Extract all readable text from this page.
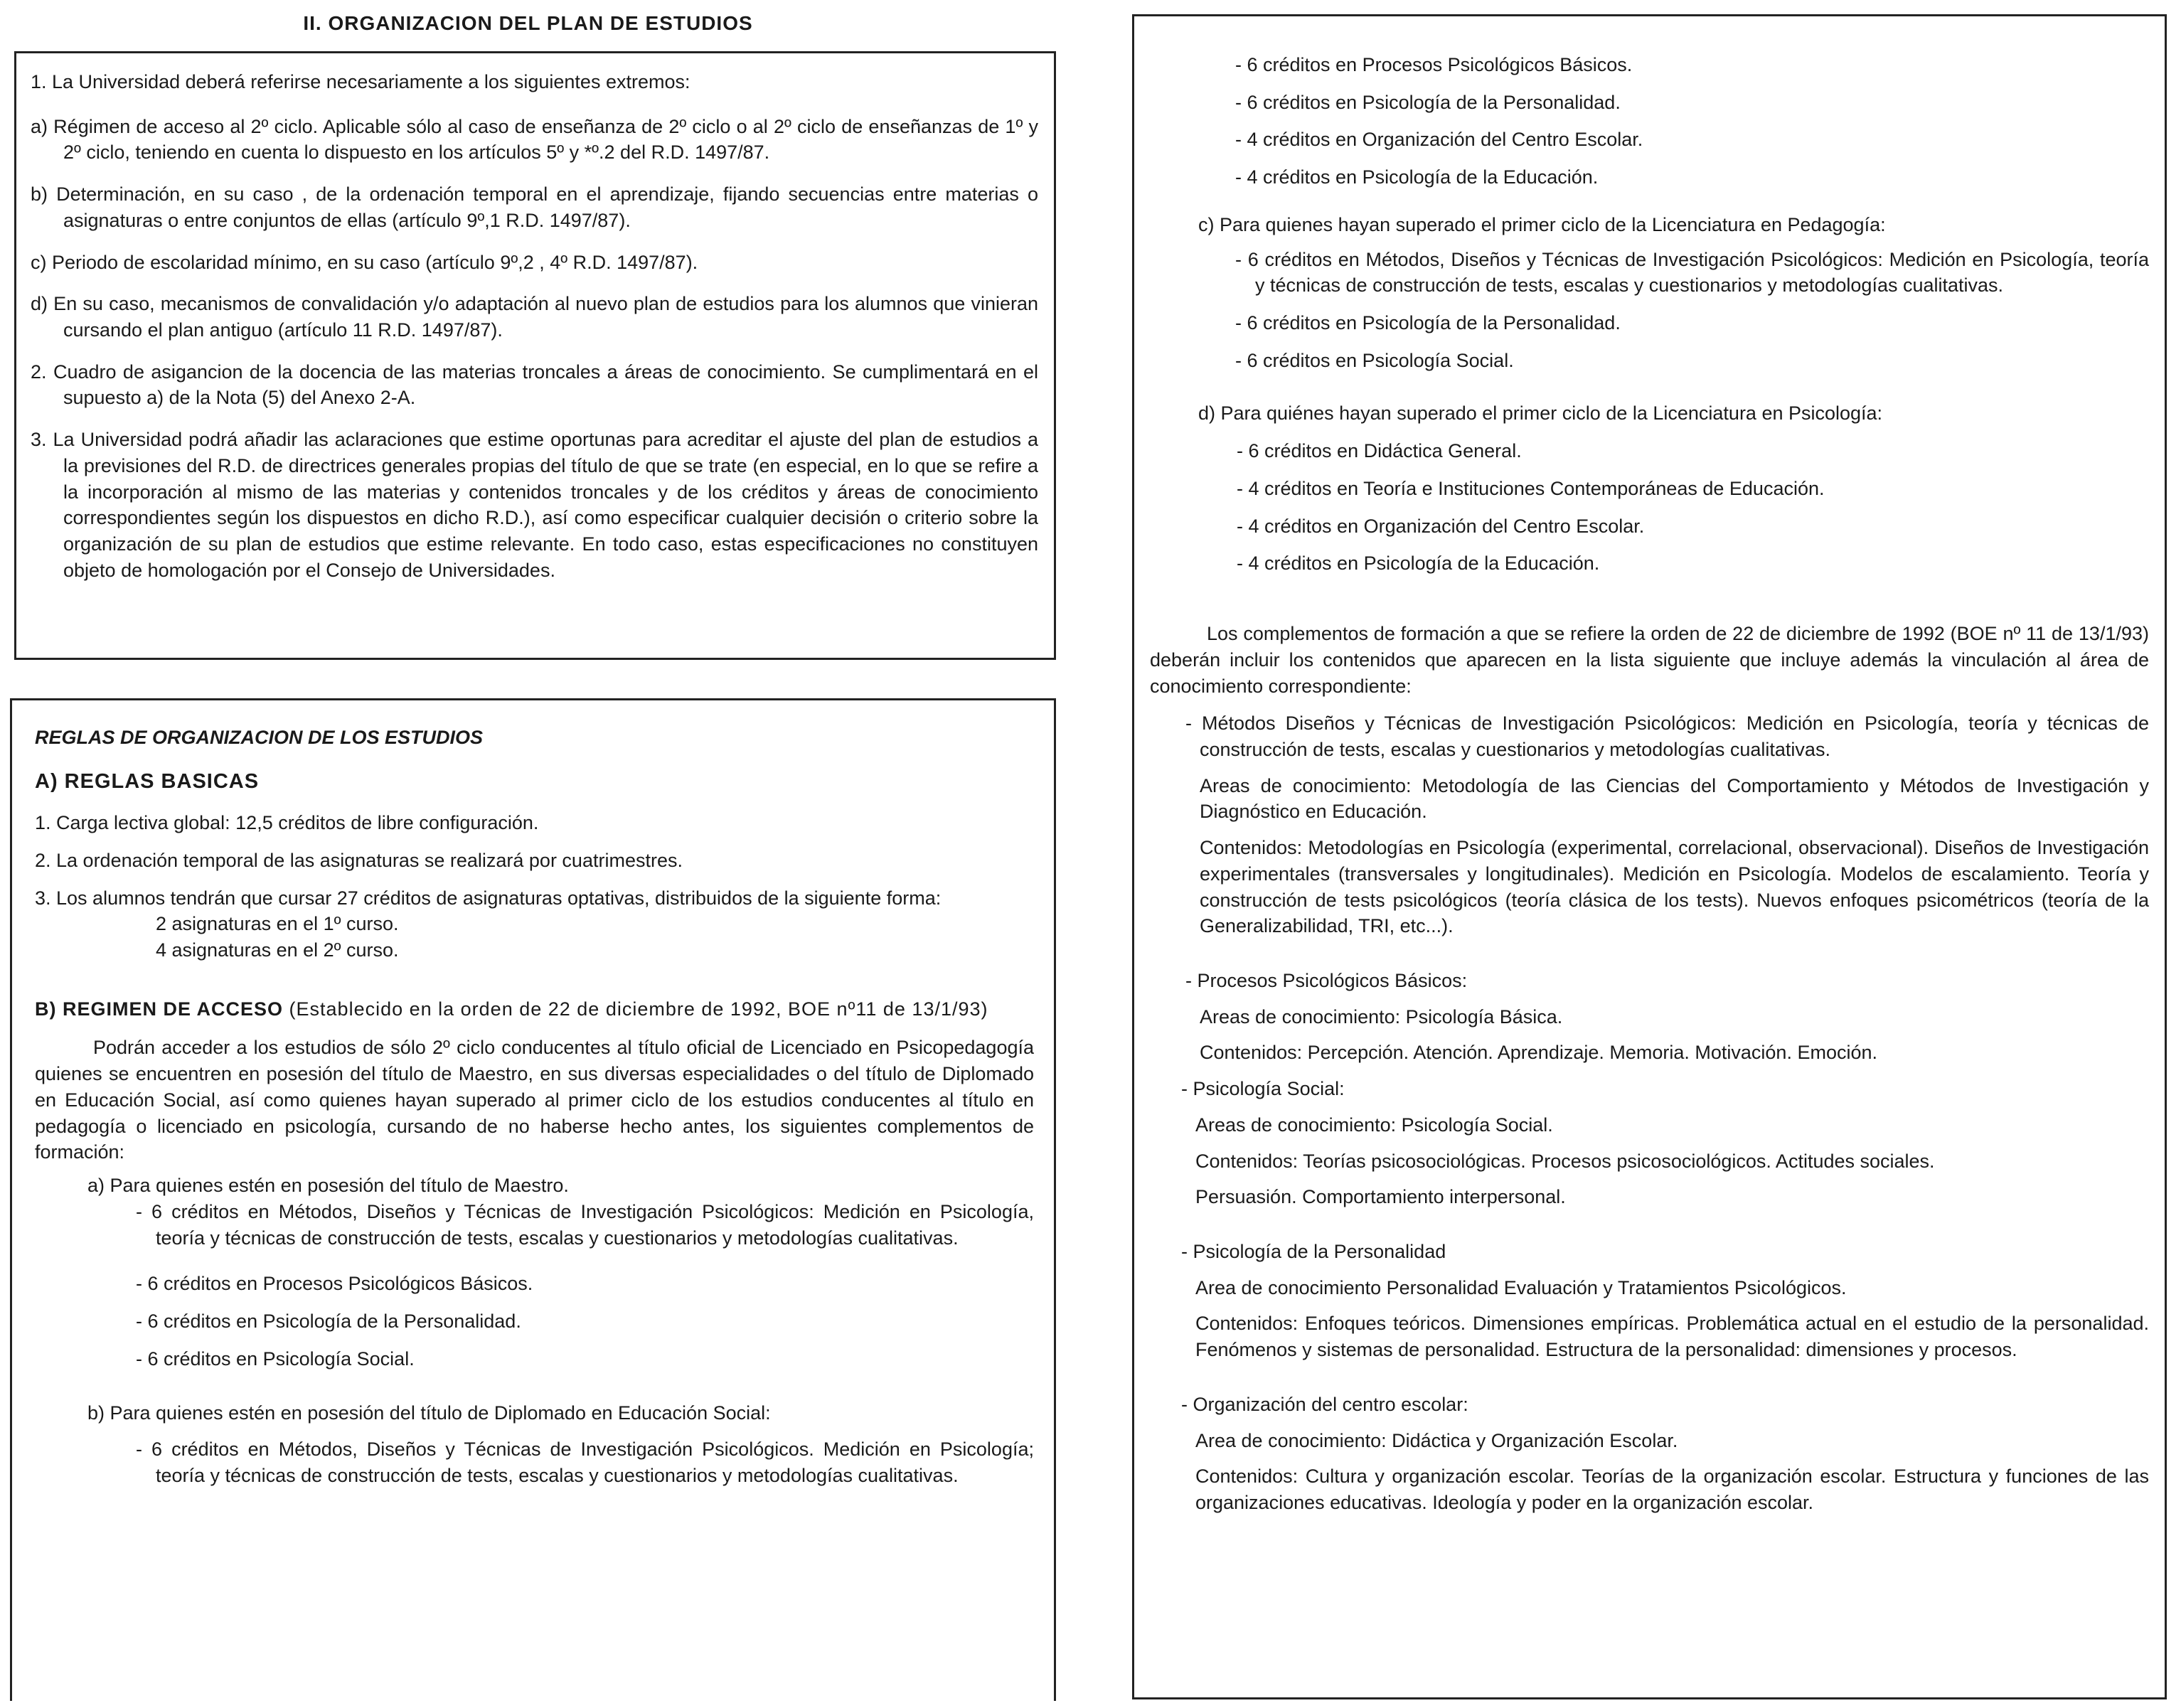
II. ORGANIZACION DEL PLAN DE ESTUDIOS

1. La Universidad deberá referirse necesariamente a los siguientes extremos:

a) Régimen de acceso al 2º ciclo. Aplicable sólo al caso de enseñanza de 2º ciclo o al 2º ciclo de enseñanzas de 1º y 2º ciclo, teniendo en cuenta lo dispuesto en los artículos 5º y *º.2 del R.D. 1497/87.

b) Determinación, en su caso , de la ordenación temporal en el aprendizaje, fijando secuencias entre materias o asignaturas o entre conjuntos de ellas (artículo 9º,1 R.D. 1497/87).

c) Periodo de escolaridad mínimo, en su caso (artículo 9º,2 , 4º R.D. 1497/87).

d) En su caso, mecanismos de convalidación y/o adaptación al nuevo plan de estudios para los alumnos que vinieran cursando el plan antiguo (artículo 11 R.D. 1497/87).

2. Cuadro de asigancion de la docencia de las materias troncales a áreas de conocimiento. Se cumplimentará en el supuesto a) de la Nota (5) del Anexo 2-A.

3. La Universidad podrá añadir las aclaraciones que estime oportunas para acreditar el ajuste del plan de estudios a la previsiones del R.D. de directrices generales propias del título de que se trate (en especial, en lo que se refire a la incorporación al mismo de las materias y contenidos troncales y de los créditos y áreas de conocimiento correspondientes según los dispuestos en dicho R.D.), así como especificar cualquier decisión o criterio sobre la organización de su plan de estudios que estime relevante. En todo caso, estas especificaciones no constituyen objeto de homologación por el Consejo de Universidades.

REGLAS DE ORGANIZACION DE LOS ESTUDIOS

A) REGLAS BASICAS

1. Carga lectiva global: 12,5 créditos de libre configuración.

2. La ordenación temporal de las asignaturas se realizará por cuatrimestres.

3. Los alumnos tendrán que cursar 27 créditos de asignaturas optativas, distribuidos de la siguiente forma:

2 asignaturas en el 1º curso.

4 asignaturas en el 2º curso.

B) REGIMEN DE ACCESO (Establecido en la orden de 22 de diciembre de 1992, BOE nº11 de 13/1/93)

Podrán acceder a los estudios de sólo 2º ciclo conducentes al título oficial de Licenciado en Psicopedagogía quienes se encuentren en posesión del título de Maestro, en sus diversas especialidades o del título de Diplomado en Educación Social, así como quienes hayan superado al primer ciclo de los estudios conducentes al título en pedagogía o licenciado en psicología, cursando de no haberse hecho antes, los siguientes complementos de formación:

a) Para quienes estén en posesión del título de Maestro.

- 6 créditos en Métodos, Diseños y Técnicas de Investigación Psicológicos: Medición en Psicología, teoría y técnicas de construcción de tests, escalas y cuestionarios y metodologías cualitativas.

- 6 créditos en Procesos Psicológicos Básicos.

- 6 créditos en Psicología de la Personalidad.

- 6 créditos en Psicología Social.

b) Para quienes estén en posesión del título de Diplomado en Educación Social:

- 6 créditos en Métodos, Diseños y Técnicas de Investigación Psicológicos. Medición en Psicología; teoría y técnicas de construcción de tests, escalas y cuestionarios y metodologías cualitativas.

- 6 créditos en Procesos Psicológicos Básicos.

- 6 créditos en Psicología de la Personalidad.

- 4 créditos en Organización del Centro Escolar.

- 4 créditos en Psicología de la Educación.

c) Para quienes hayan superado el primer ciclo de la Licenciatura en Pedagogía:

- 6 créditos en Métodos, Diseños y Técnicas de Investigación Psicológicos: Medición en Psicología, teoría y técnicas de construcción de tests, escalas y cuestionarios y metodologías cualitativas.

- 6 créditos en Psicología de la Personalidad.

- 6 créditos en Psicología Social.

d) Para quiénes hayan superado el primer ciclo de la Licenciatura en Psicología:

- 6 créditos en Didáctica General.

- 4 créditos en Teoría e Instituciones Contemporáneas de Educación.

- 4 créditos en Organización del Centro Escolar.

- 4 créditos en Psicología de la Educación.

Los complementos de formación a que se refiere la orden de 22 de diciembre de 1992 (BOE nº 11 de 13/1/93) deberán incluir los contenidos que aparecen en la lista siguiente que incluye además la vinculación al área de conocimiento correspondiente:

- Métodos Diseños y Técnicas de Investigación Psicológicos: Medición en Psicología, teoría y técnicas de construcción de tests, escalas y cuestionarios y metodologías cualitativas.

Areas de conocimiento: Metodología de las Ciencias del Comportamiento y Métodos de Investigación y Diagnóstico en Educación.

Contenidos: Metodologías en Psicología (experimental, correlacional, observacional). Diseños de Investigación experimentales (transversales y longitudinales). Medición en Psicología. Modelos de escalamiento. Teoría y construcción de tests psicológicos (teoría clásica de los tests). Nuevos enfoques psicométricos (teoría de la Generalizabilidad, TRI, etc...).

- Procesos Psicológicos Básicos:

Areas de conocimiento: Psicología Básica.

Contenidos: Percepción. Atención. Aprendizaje. Memoria. Motivación. Emoción.

- Psicología Social:

Areas de conocimiento: Psicología Social.

Contenidos: Teorías psicosociológicas. Procesos psicosociológicos. Actitudes sociales.

Persuasión. Comportamiento interpersonal.

- Psicología de la Personalidad

Area de conocimiento Personalidad Evaluación y Tratamientos Psicológicos.

Contenidos: Enfoques teóricos. Dimensiones empíricas. Problemática actual en el estudio de la personalidad. Fenómenos y sistemas de personalidad. Estructura de la personalidad: dimensiones y procesos.

- Organización del centro escolar:

Area de conocimiento: Didáctica y Organización Escolar.

Contenidos: Cultura y organización escolar. Teorías de la organización escolar. Estructura y funciones de las organizaciones educativas. Ideología y poder en la organización escolar.
